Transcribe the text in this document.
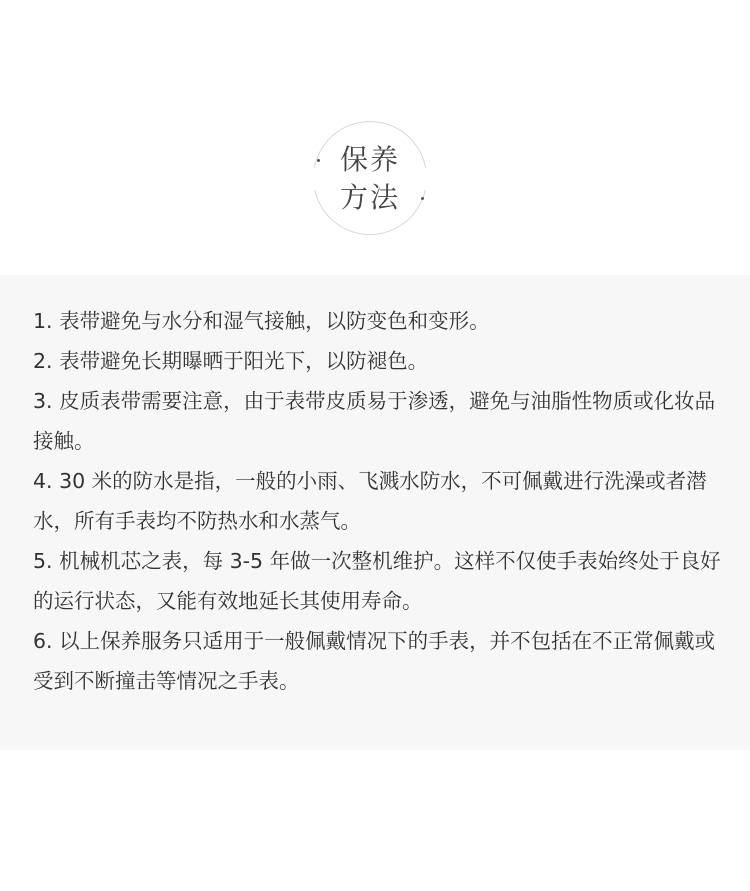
保养
方法
1. 表带避免与水分和湿气接触，以防变色和变形。
2. 表带避免长期曝晒于阳光下，以防褪色。
3. 皮质表带需要注意，由于表带皮质易于渗透，避免与油脂性物质或化妆品接触。
4. 30 米的防水是指，一般的小雨、飞溅水防水，不可佩戴进行洗澡或者潜水，所有手表均不防热水和水蒸气。
5. 机械机芯之表，每 3-5 年做一次整机维护。这样不仅使手表始终处于良好的运行状态，又能有效地延长其使用寿命。
6. 以上保养服务只适用于一般佩戴情况下的手表，并不包括在不正常佩戴或受到不断撞击等情况之手表。
